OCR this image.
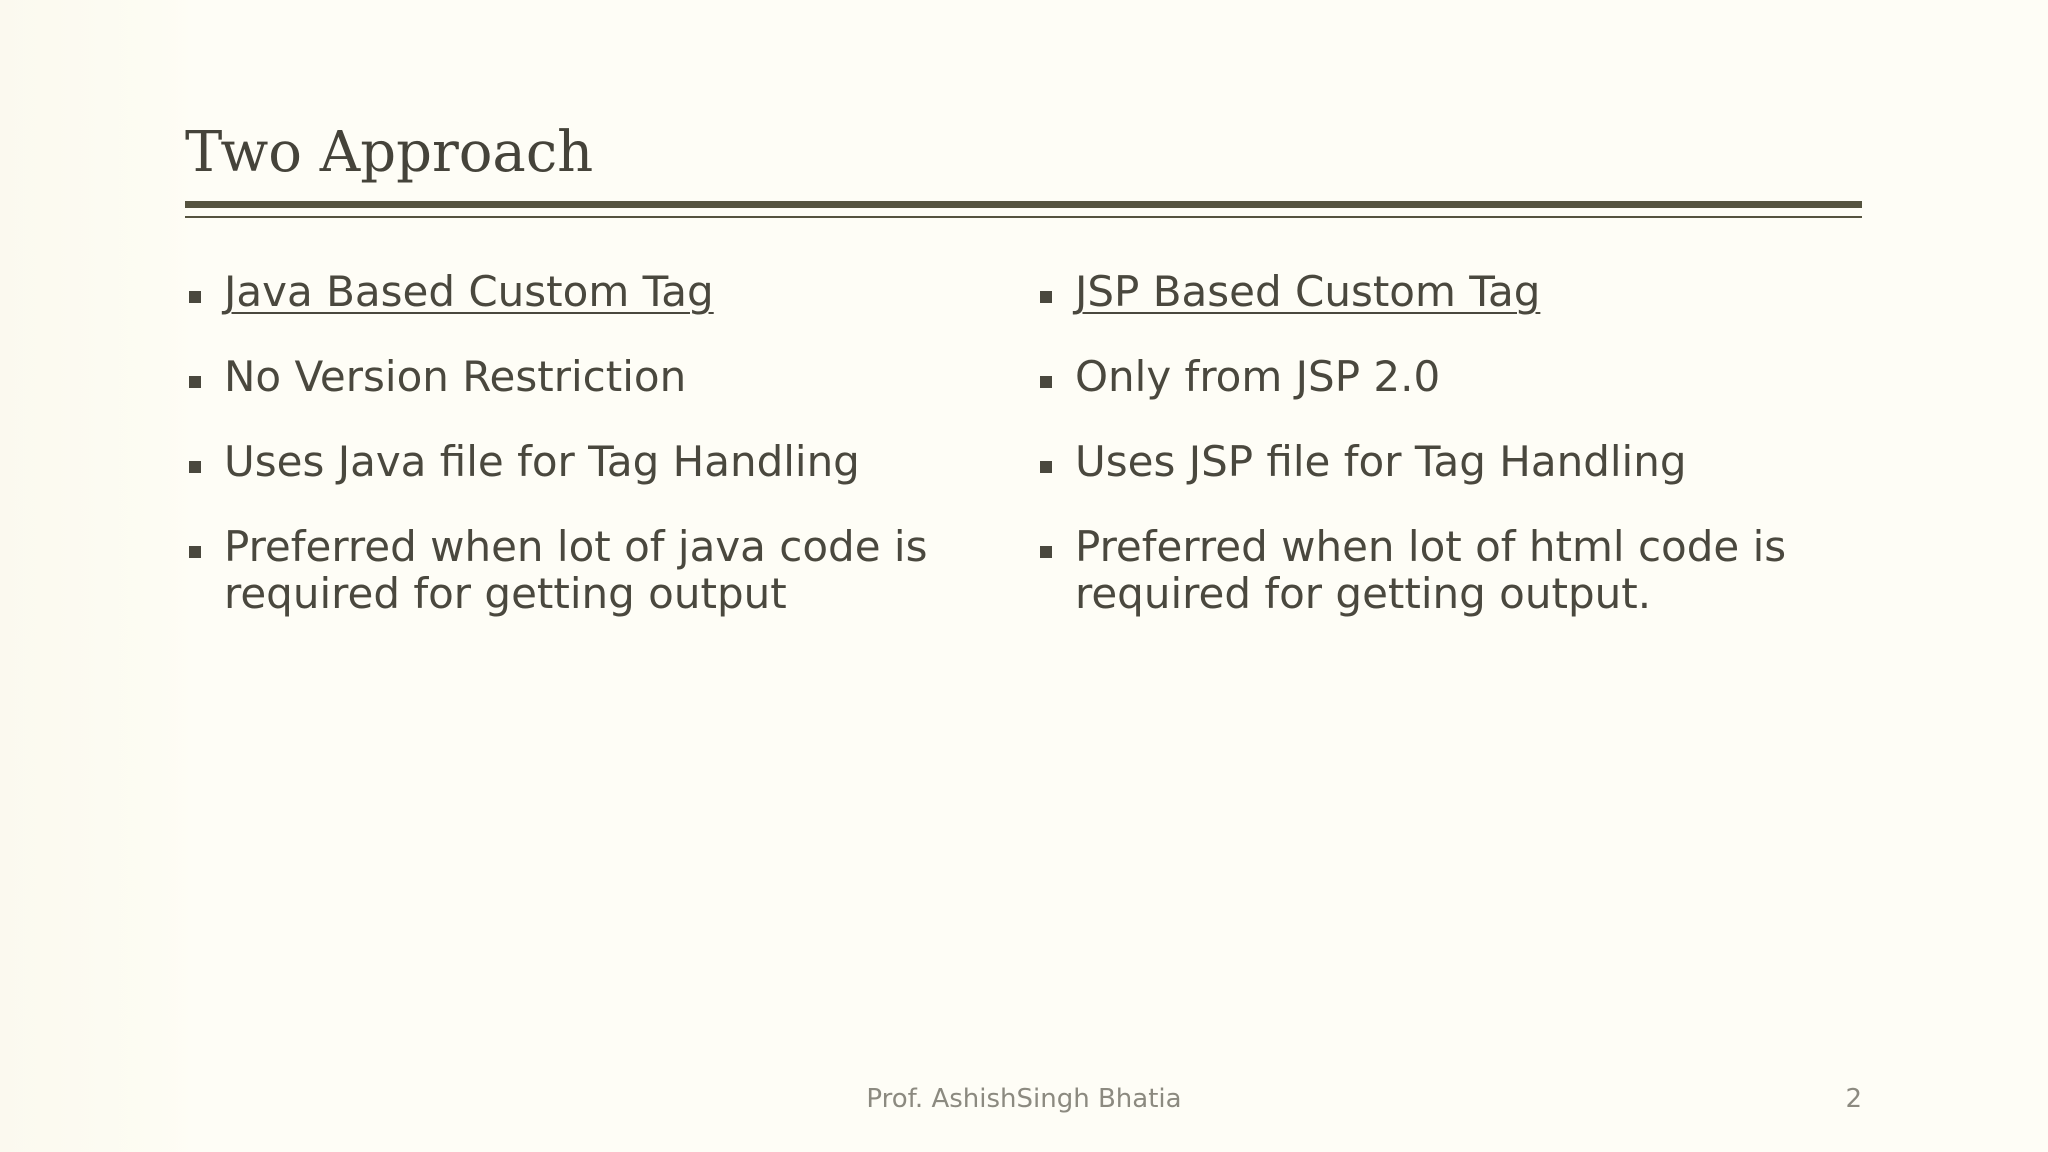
Two Approach
Java Based Custom Tag
No Version Restriction
Uses Java file for Tag Handling
Preferred when lot of java code is required for getting output
JSP Based Custom Tag
Only from JSP 2.0
Uses JSP file for Tag Handling
Preferred when lot of html code is required for getting output.
Prof. AshishSingh Bhatia	2
